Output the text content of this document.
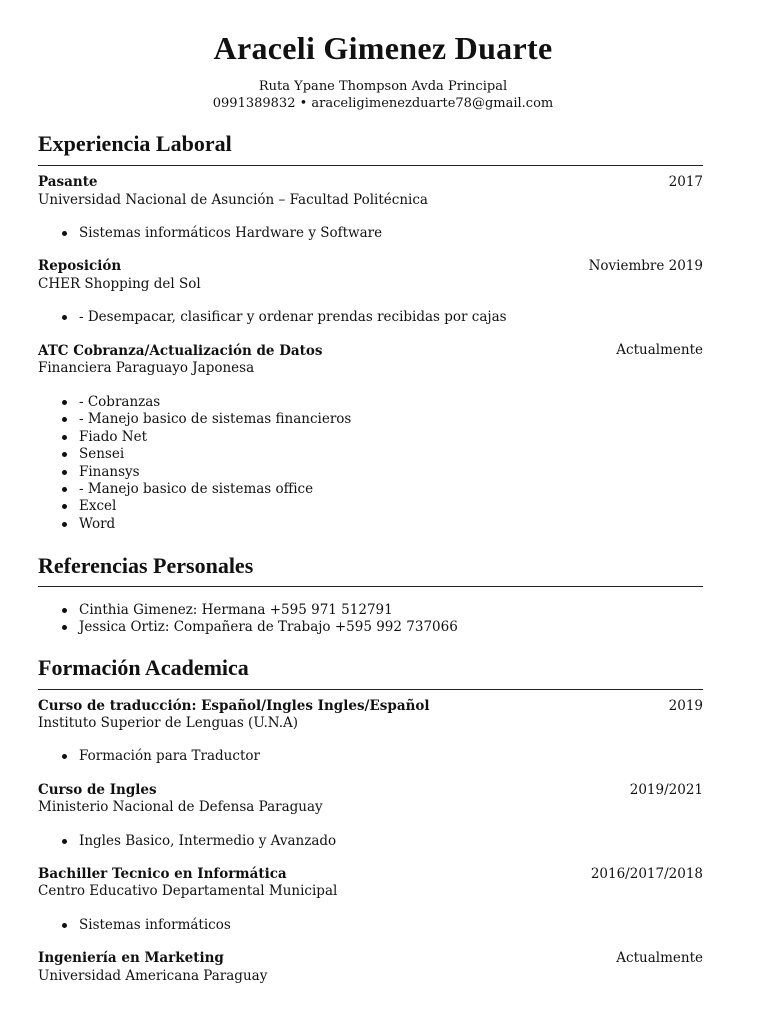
Araceli Gimenez Duarte
Ruta Ypane Thompson Avda Principal
0991389832 • araceligimenezduarte78@gmail.com
Experiencia Laboral
Pasante	2017
Universidad Nacional de Asunción – Facultad Politécnica
Sistemas informáticos Hardware y Software
Reposición	Noviembre 2019
CHER Shopping del Sol
- Desempacar, clasificar y ordenar prendas recibidas por cajas
ATC Cobranza/Actualización de Datos	Actualmente
Financiera Paraguayo Japonesa
- Cobranzas
- Manejo basico de sistemas financieros
Fiado Net
Sensei
Finansys
- Manejo basico de sistemas office
Excel
Word
Referencias Personales
Cinthia Gimenez: Hermana +595 971 512791
Jessica Ortiz: Compañera de Trabajo +595 992 737066
Formación Academica
Curso de traducción: Español/Ingles Ingles/Español	2019
Instituto Superior de Lenguas (U.N.A)
Formación para Traductor
Curso de Ingles	2019/2021
Ministerio Nacional de Defensa Paraguay
Ingles Basico, Intermedio y Avanzado
Bachiller Tecnico en Informática	2016/2017/2018
Centro Educativo Departamental Municipal
Sistemas informáticos
Ingeniería en Marketing	Actualmente
Universidad Americana Paraguay
